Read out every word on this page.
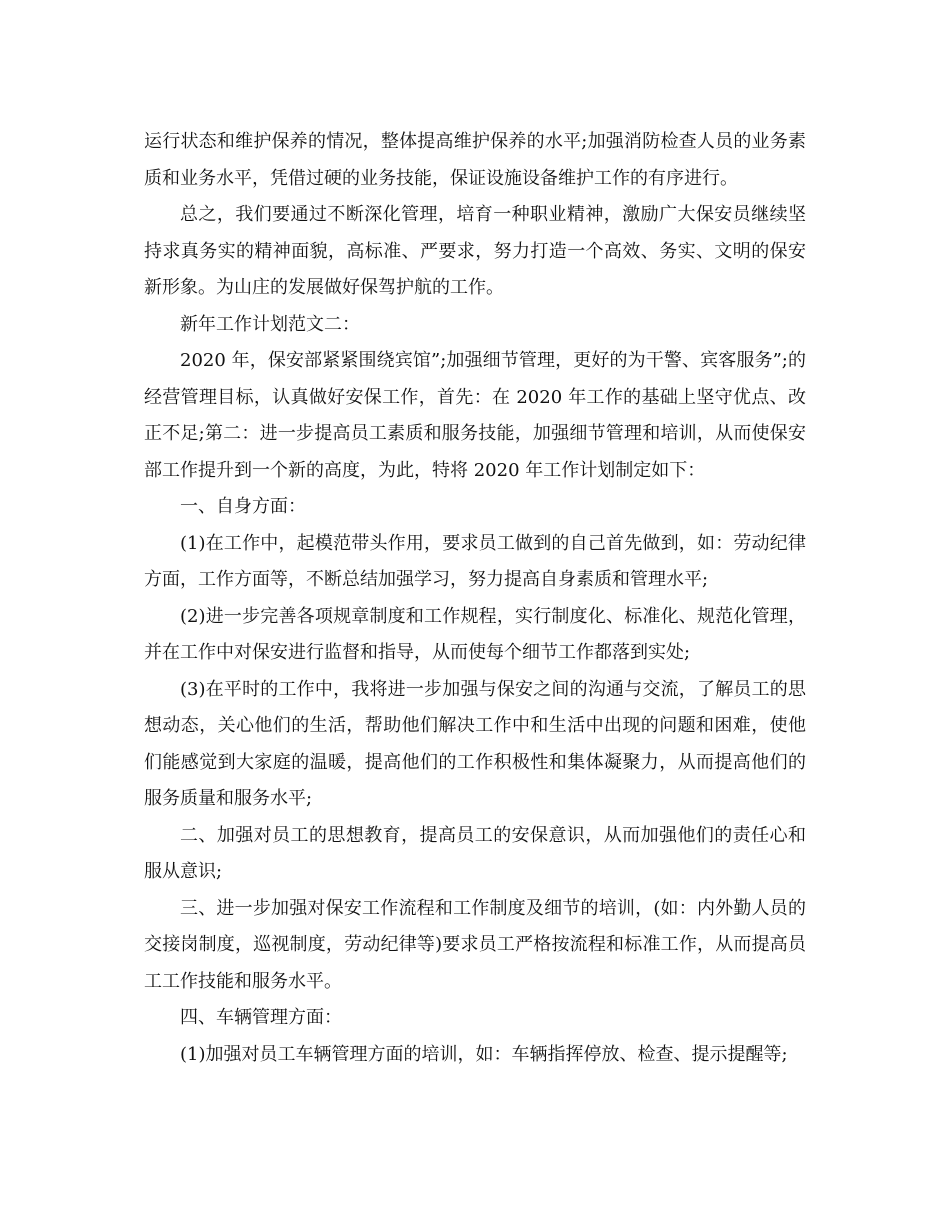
运行状态和维护保养的情况，整体提高维护保养的水平;加强消防检查人员的业务素质和业务水平，凭借过硬的业务技能，保证设施设备维护工作的有序进行。

总之，我们要通过不断深化管理，培育一种职业精神，激励广大保安员继续坚持求真务实的精神面貌，高标准、严要求，努力打造一个高效、务实、文明的保安新形象。为山庄的发展做好保驾护航的工作。

新年工作计划范文二：

2020 年，保安部紧紧围绕宾馆”;加强细节管理，更好的为干警、宾客服务”;的经营管理目标，认真做好安保工作，首先：在 2020 年工作的基础上坚守优点、改正不足;第二：进一步提高员工素质和服务技能，加强细节管理和培训，从而使保安部工作提升到一个新的高度，为此，特将 2020 年工作计划制定如下：

一、自身方面：

(1)在工作中，起模范带头作用，要求员工做到的自己首先做到，如：劳动纪律方面，工作方面等，不断总结加强学习，努力提高自身素质和管理水平;

(2)进一步完善各项规章制度和工作规程，实行制度化、标准化、规范化管理，并在工作中对保安进行监督和指导，从而使每个细节工作都落到实处;

(3)在平时的工作中，我将进一步加强与保安之间的沟通与交流，了解员工的思想动态，关心他们的生活，帮助他们解决工作中和生活中出现的问题和困难，使他们能感觉到大家庭的温暖，提高他们的工作积极性和集体凝聚力，从而提高他们的服务质量和服务水平;

二、加强对员工的思想教育，提高员工的安保意识，从而加强他们的责任心和服从意识;

三、进一步加强对保安工作流程和工作制度及细节的培训，(如：内外勤人员的交接岗制度，巡视制度，劳动纪律等)要求员工严格按流程和标准工作，从而提高员工工作技能和服务水平。

四、车辆管理方面：

(1)加强对员工车辆管理方面的培训，如：车辆指挥停放、检查、提示提醒等;
